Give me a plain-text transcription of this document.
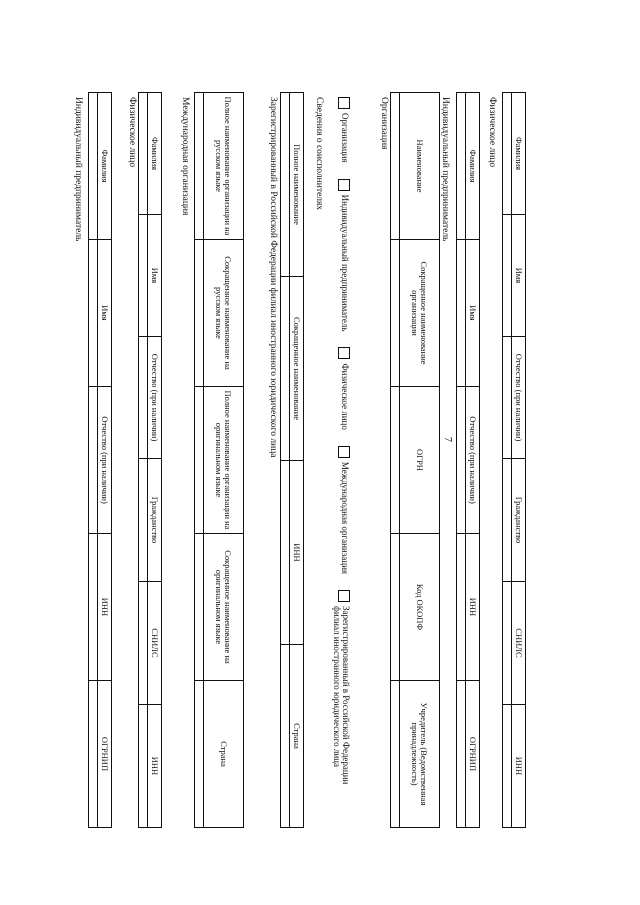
7
Индивидуальный предприниматель Фамилия	Имя	Отчество (при наличии)	ИНН	ОГРНИП

Физическое лицо Фамилия	Имя	Отчество (при наличии)	Гражданство	СНИЛС	ИНН

Международная организация	Полное наименование организации на русском языке	Сокращенное наименование на русском языке	Полное наименование организации на оригинальном языке	Сокращенное наименование на оригинальном языке	Страна

Зарегистрированный в Российской Федерации филиал иностранного юридического лица Полное наименование	Сокращенное наименование	ИНН	Страна

Сведения о соисполнителях Организация
Индивидуальный предприниматель
Физическое лицо
Международная организация
Зарегистрированный в Российской Федерации филиал иностранного юридического лица
Организация
Наименование	Сокращенное наименование организации	ОГРН	Код ОКОПФ	Учредитель (Ведомственная принадлежность)

Индивидуальный предприниматель Фамилия	Имя	Отчество (при наличии)	ИНН	ОГРНИП

Физическое лицо Фамилия	Имя	Отчество (при наличии)	Гражданство	СНИЛС	ИНН
